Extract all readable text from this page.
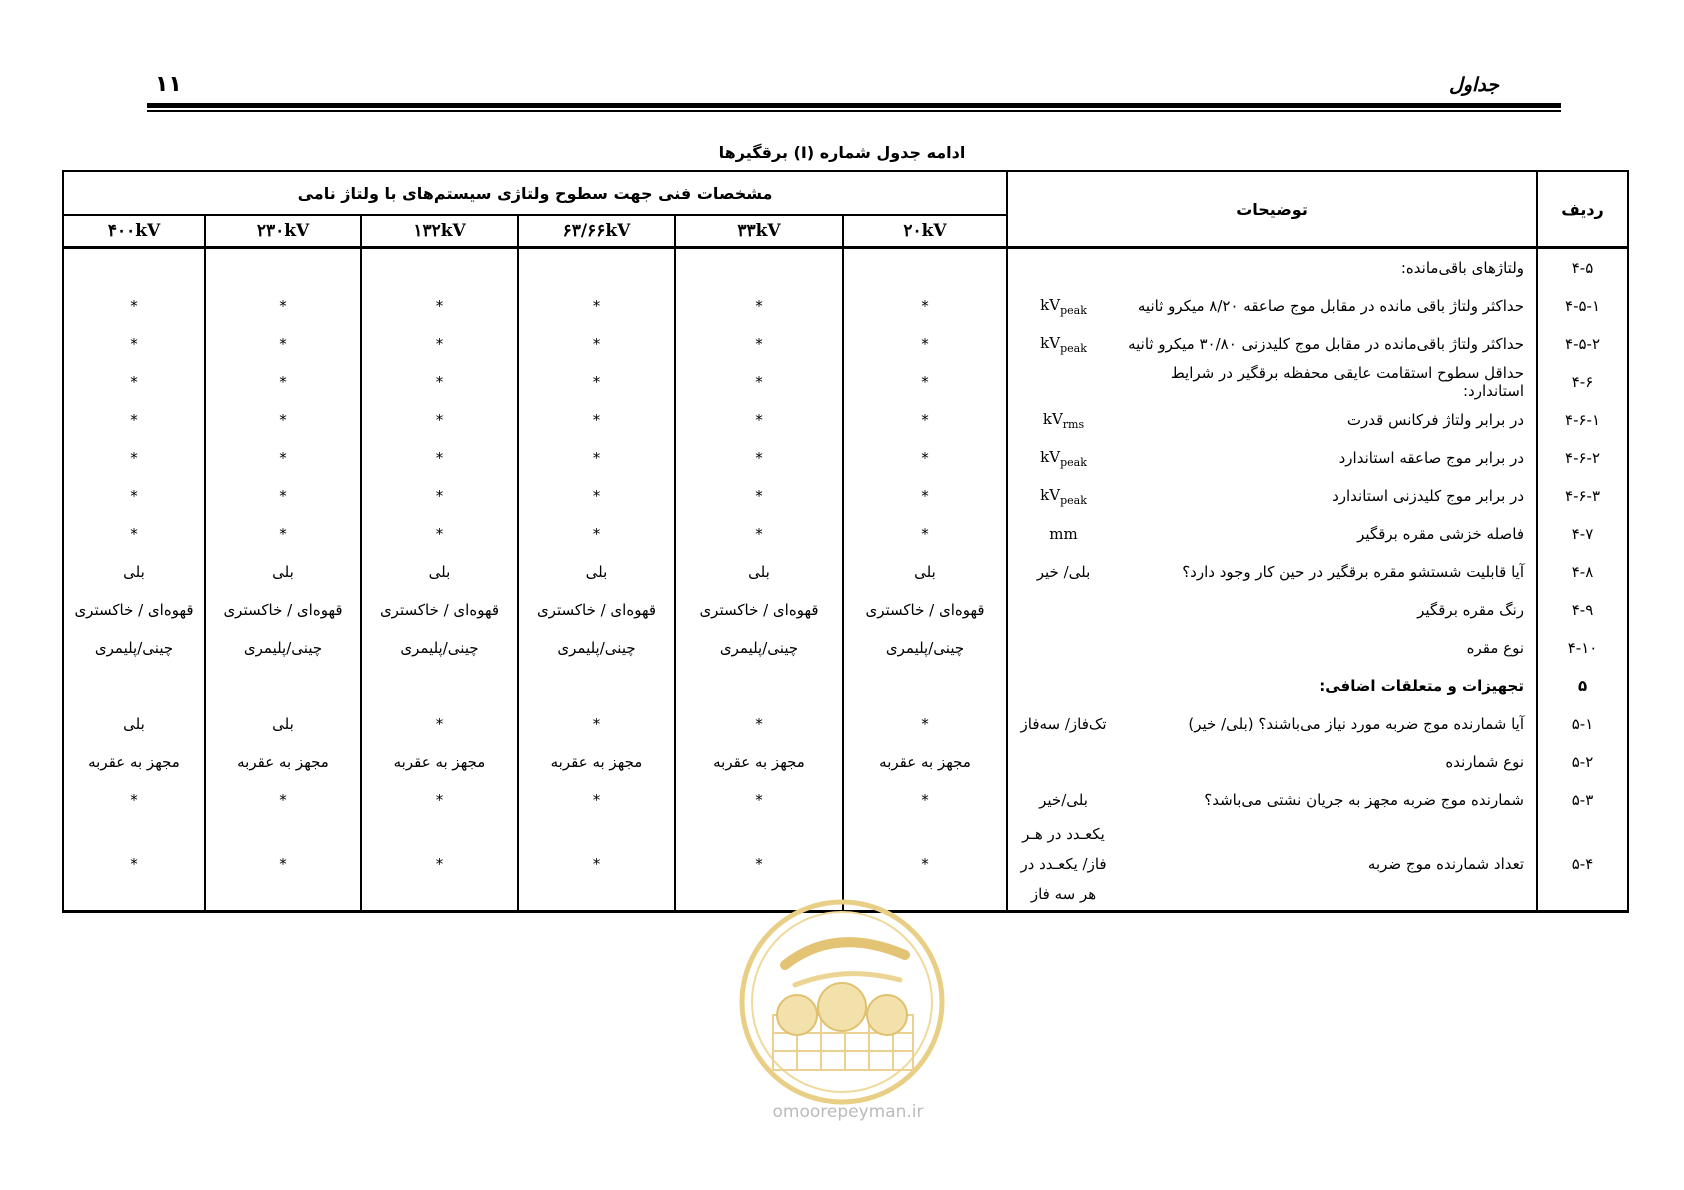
۱۱	جداول
ادامه جدول شماره (I) برقگیرها
مشخصات فنی جهت سطوح ولتاژی سیستم‌های با ولتاژ نامی						توضیحات		ردیف
۴۰۰kV	۲۳۰kV	۱۳۲kV	۶۳/۶۶kV	۳۳kV	۲۰kV			
							ولتاژهای باقی‌مانده:	۴-۵
*	*	*	*	*	*	$kV_{peak}$	حداکثر ولتاژ باقی مانده در مقابل موج صاعقه ۸/۲۰ میکرو ثانیه	۴-۵-۱
*	*	*	*	*	*	$kV_{peak}$	حداکثر ولتاژ باقی‌مانده در مقابل موج کلیدزنی ۳۰/۸۰ میکرو ثانیه	۴-۵-۲
*	*	*	*	*	*		حداقل سطوح استقامت عایقی محفظه برقگیر در شرایط استاندارد:	۴-۶
*	*	*	*	*	*	$kV_{rms}$	در برابر ولتاژ فرکانس قدرت	۴-۶-۱
*	*	*	*	*	*	$kV_{peak}$	در برابر موج صاعقه استاندارد	۴-۶-۲
*	*	*	*	*	*	$kV_{peak}$	در برابر موج کلیدزنی استاندارد	۴-۶-۳
*	*	*	*	*	*	mm	فاصله خزشی مقره برقگیر	۴-۷
بلی	بلی	بلی	بلی	بلی	بلی	بلی/ خیر	آیا قابلیت شستشو مقره برقگیر در حین کار وجود دارد؟	۴-۸
قهوه‌ای / خاکستری	قهوه‌ای / خاکستری	قهوه‌ای / خاکستری	قهوه‌ای / خاکستری	قهوه‌ای / خاکستری	قهوه‌ای / خاکستری		رنگ مقره برقگیر	۴-۹
چینی/پلیمری	چینی/پلیمری	چینی/پلیمری	چینی/پلیمری	چینی/پلیمری	چینی/پلیمری		نوع مقره	۴-۱۰
							تجهیزات و متعلقات اضافی:	۵
بلی	بلی	*	*	*	*	تک‌فاز/ سه‌فاز	آیا شمارنده موج ضربه مورد نیاز می‌باشند؟ (بلی/ خیر)	۵-۱
مجهز به عقربه	مجهز به عقربه	مجهز به عقربه	مجهز به عقربه	مجهز به عقربه	مجهز به عقربه		نوع شمارنده	۵-۲
*	*	*	*	*	*	بلی/خیر	شمارنده موج ضربه مجهز به جریان نشتی می‌باشد؟	۵-۳
*	*	*	*	*	*	یکعـدد در هـر فاز/ یکعـدد در هر سه فاز	تعداد شمارنده موج ضربه	۵-۴
omoorepeyman.ir
